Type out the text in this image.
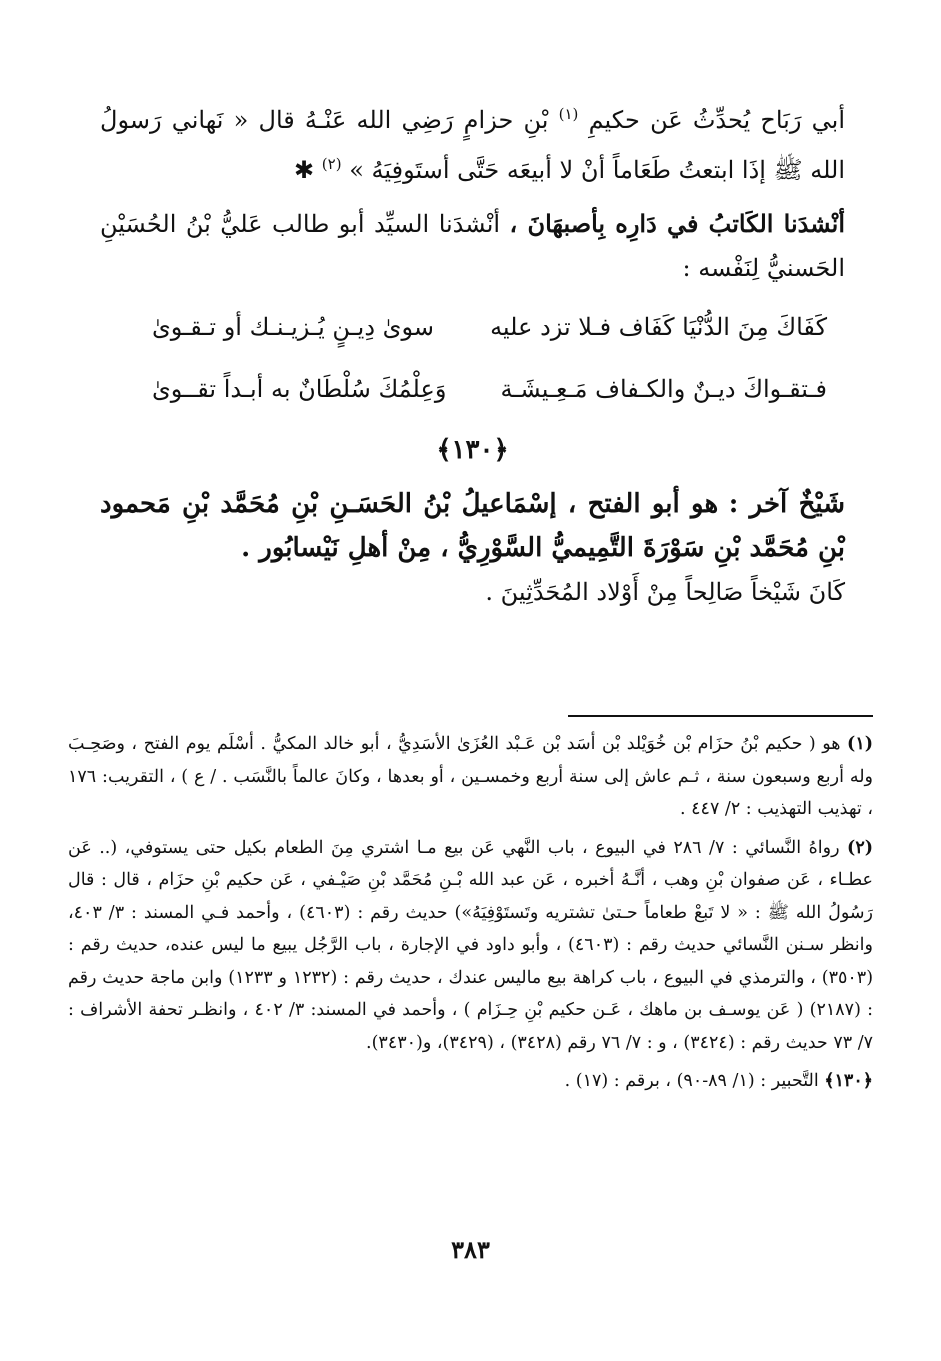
أبي رَبَاح يُحدِّثُ عَن حكيمِ $^{(١)}$ بْنِ حزامٍ رَضِي الله عَنْـهُ قال « نَهاني رَسولُ الله ﷺ إذَا ابتعتُ طَعَاماً أنْ لا أبيعَه حَتَّى أستَوفِيَهُ » $^{(٢)}$ ✱

أنْشدَنا الكَاتبُ في دَارِه بِأصبهَانَ ، أنْشدَنا السيِّد أبو طالب عَليُّ بْنُ الحُسَيْنِ الحَسنيُّ لِنَفْسه :

كَفَاكَ مِنَ الدُّنْيَا كَفَاف فـلا تزد عليه
سوىٰ دِيـنٍ يُـزيـنـك أو تـقـوىٰ
فـتقـواكَ ديـنٌ والكـفاف مَـعِـيشَـة
وَعِلْمُكَ سُلْطَانٌ به أبـداً تقــوىٰ
﴿١٣٠﴾

شَيْخٌ آخر : هو أبو الفتح ، إسْمَاعيلُ بْنُ الحَسَـنِ بْنِ مُحَمَّد بْنِ مَحمود بْنِ مُحَمَّد بْنِ سَوْرَةَ التَّمِيميُّ السَّوْرِيُّ ، مِنْ أهلِ نَيْسابُور .

كَانَ شَيْخاً صَالِحاً مِنْ أَوْلاد المُحَدِّثِينَ .

(١) هو ( حكيم بْنُ حزَام بْن خُوَيْلد بْن أسَد بْن عَـبْد العُزَىٰ الأسَدِيُّ ، أبو خالد المكيُّ . أسْلَم يوم الفتح ، وصَحِـبَ وله أربع وسبعون سنة ، ثـم عاش إلى سنة أربع وخمسـين ، أو بعدها ، وكانَ عالماً بالنَّسَب . / ع ) ، التقريب: ١٧٦ ، تهذيب التهذيب : ٢/ ٤٤٧ .

(٢) رواهُ النَّسائي : ٧/ ٢٨٦ في البيوع ، باب النَّهي عَن بيع مـا اشتري مِنَ الطعام بكيل حتى يستوفي، (.. عَن عطـاء ، عَن صفوان بْنِ وهب ، أنَّـهُ أخبره ، عَن عبد الله بْـنِ مُحَمَّد بْنِ صَيْـفي ، عَن حكيم بْنِ حزَام ، قال : قال رَسُولُ الله ﷺ : « لا تَبعْ طعاماً حـتىٰ تشتريه وتَستَوْفِيَهُ») حديث رقم : (٤٦٠٣) ، وأحمد فـي المسند : ٣/ ٤٠٣، وانظر سـنن النَّسائي حديث رقم : (٤٦٠٣) ، وأبو داود في الإجارة ، باب الرَّجُل يبيع ما ليس عنده، حديث رقم : (٣٥٠٣) ، والترمذي في البيوع ، باب كراهة بيع ماليس عندك ، حديث رقم : (١٢٣٢ و ١٢٣٣) وابن ماجة حديث رقم : (٢١٨٧) ( عَن يوسـف بن ماهك ، عَـن حكيم بْنِ حِـزَام ) ، وأحمد في المسند: ٣/ ٤٠٢ ، وانظـر تحفة الأشراف : ٧/ ٧٣ حديث رقم : (٣٤٢٤) ، و : ٧/ ٧٦ رقم (٣٤٢٨) ، (٣٤٢٩)، و(٣٤٣٠).

﴿١٣٠﴾ التَّحبير : (١/ ٨٩-٩٠) ، برقم : (١٧) .

٣٨٣
